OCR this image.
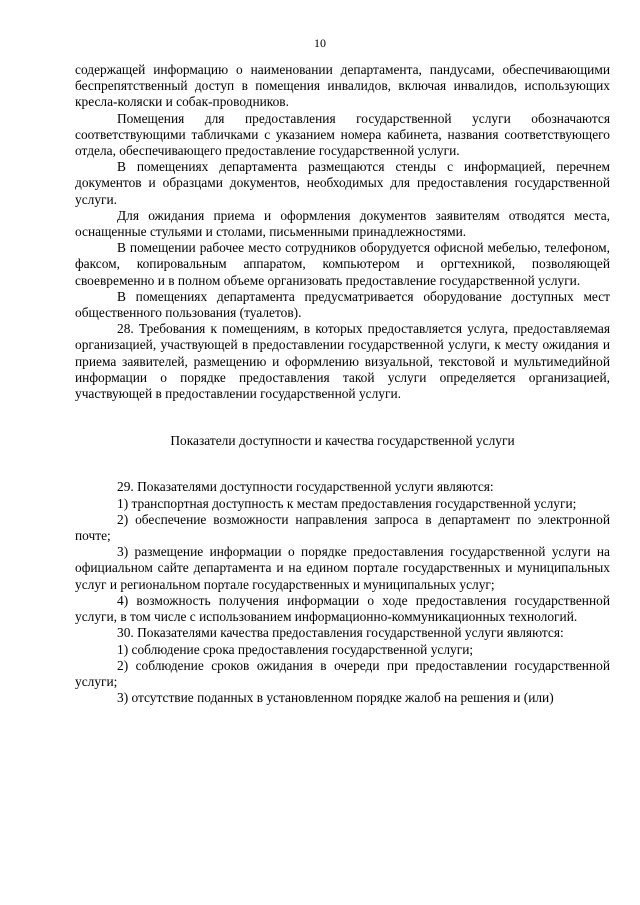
10

содержащей информацию о наименовании департамента, пандусами, обеспечивающими беспрепятственный доступ в помещения инвалидов, включая инвалидов, использующих кресла-коляски и собак-проводников.

Помещения для предоставления государственной услуги обозначаются соответствующими табличками с указанием номера кабинета, названия соответствующего отдела, обеспечивающего предоставление государственной услуги.

В помещениях департамента размещаются стенды с информацией, перечнем документов и образцами документов, необходимых для предоставления государственной услуги.

Для ожидания приема и оформления документов заявителям отводятся места, оснащенные стульями и столами, письменными принадлежностями.

В помещении рабочее место сотрудников оборудуется офисной мебелью, телефоном, факсом, копировальным аппаратом, компьютером и оргтехникой, позволяющей своевременно и в полном объеме организовать предоставление государственной услуги.

В помещениях департамента предусматривается оборудование доступных мест общественного пользования (туалетов).

28. Требования к помещениям, в которых предоставляется услуга, предоставляемая организацией, участвующей в предоставлении государственной услуги, к месту ожидания и приема заявителей, размещению и оформлению визуальной, текстовой и мультимедийной информации о порядке предоставления такой услуги определяется организацией, участвующей в предоставлении государственной услуги.

Показатели доступности и качества государственной услуги

29. Показателями доступности государственной услуги являются:

1) транспортная доступность к местам предоставления государственной услуги;

2) обеспечение возможности направления запроса в департамент по электронной почте;

3) размещение информации о порядке предоставления государственной услуги на официальном сайте департамента и на едином портале государственных и муниципальных услуг и региональном портале государственных и муниципальных услуг;

4) возможность получения информации о ходе предоставления государственной услуги, в том числе с использованием информационно-коммуникационных технологий.

30. Показателями качества предоставления государственной услуги являются:

1) соблюдение срока предоставления государственной услуги;

2) соблюдение сроков ожидания в очереди при предоставлении государственной услуги;

3) отсутствие поданных в установленном порядке жалоб на решения и (или)
